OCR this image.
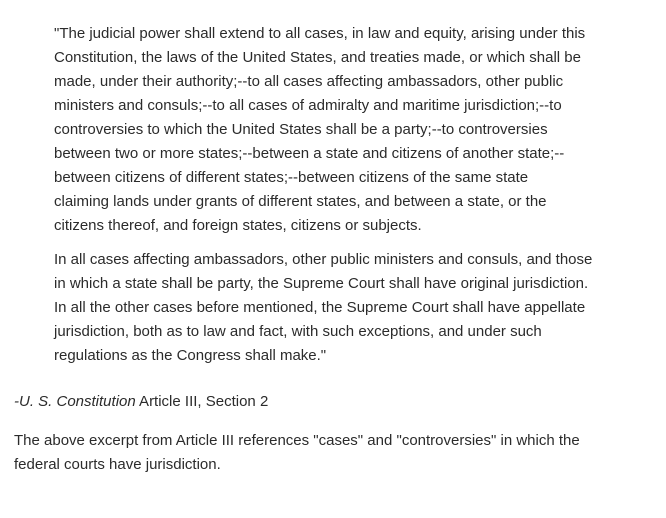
"The judicial power shall extend to all cases, in law and equity, arising under this
Constitution, the laws of the United States, and treaties made, or which shall be
made, under their authority;--to all cases affecting ambassadors, other public
ministers and consuls;--to all cases of admiralty and maritime jurisdiction;--to
controversies to which the United States shall be a party;--to controversies
between two or more states;--between a state and citizens of another state;--
between citizens of different states;--between citizens of the same state
claiming lands under grants of different states, and between a state, or the
citizens thereof, and foreign states, citizens or subjects.

In all cases affecting ambassadors, other public ministers and consuls, and those
in which a state shall be party, the Supreme Court shall have original jurisdiction.
In all the other cases before mentioned, the Supreme Court shall have appellate
jurisdiction, both as to law and fact, with such exceptions, and under such
regulations as the Congress shall make."

-U. S. Constitution Article III, Section 2

The above excerpt from Article III references "cases" and "controversies" in which the
federal courts have jurisdiction.
